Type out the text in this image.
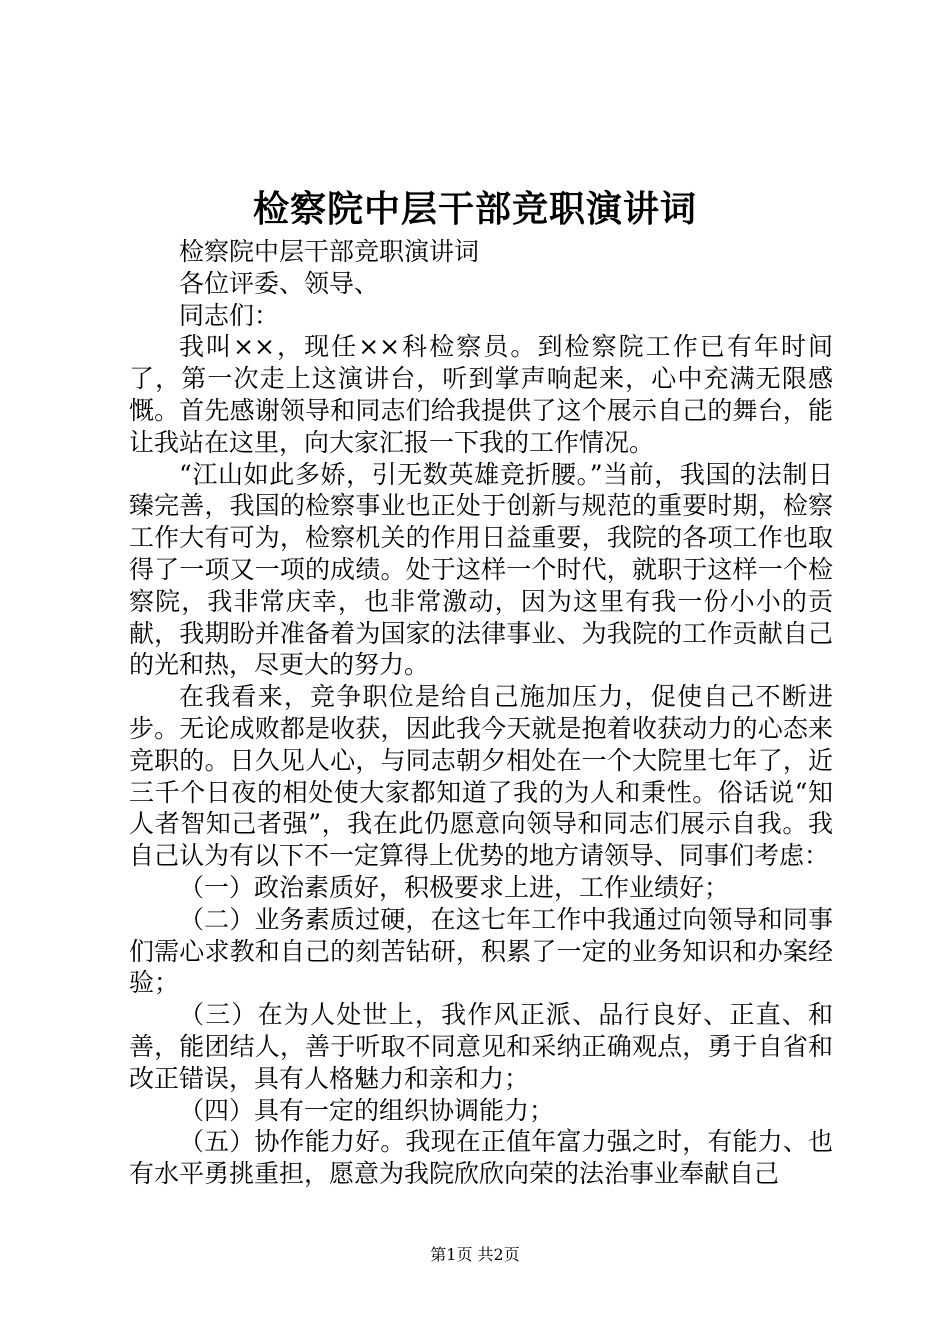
检察院中层干部竞职演讲词

检察院中层干部竞职演讲词

各位评委、领导、

同志们：

我叫××，现任××科检察员。到检察院工作已有年时间了，第一次走上这演讲台，听到掌声响起来，心中充满无限感慨。首先感谢领导和同志们给我提供了这个展示自己的舞台，能让我站在这里，向大家汇报一下我的工作情况。

“江山如此多娇，引无数英雄竞折腰。”当前，我国的法制日臻完善，我国的检察事业也正处于创新与规范的重要时期，检察工作大有可为，检察机关的作用日益重要，我院的各项工作也取得了一项又一项的成绩。处于这样一个时代，就职于这样一个检察院，我非常庆幸，也非常激动，因为这里有我一份小小的贡献，我期盼并准备着为国家的法律事业、为我院的工作贡献自己的光和热，尽更大的努力。

在我看来，竞争职位是给自己施加压力，促使自己不断进步。无论成败都是收获，因此我今天就是抱着收获动力的心态来竞职的。日久见人心，与同志朝夕相处在一个大院里七年了，近三千个日夜的相处使大家都知道了我的为人和秉性。俗话说“知人者智知己者强”，我在此仍愿意向领导和同志们展示自我。我自己认为有以下不一定算得上优势的地方请领导、同事们考虑：

（一）政治素质好，积极要求上进，工作业绩好；

（二）业务素质过硬，在这七年工作中我通过向领导和同事们需心求教和自己的刻苦钻研，积累了一定的业务知识和办案经验；

（三）在为人处世上，我作风正派、品行良好、正直、和善，能团结人，善于听取不同意见和采纳正确观点，勇于自省和改正错误，具有人格魅力和亲和力；

（四）具有一定的组织协调能力；

（五）协作能力好。我现在正值年富力强之时，有能力、也有水平勇挑重担，愿意为我院欣欣向荣的法治事业奉献自己

第1页 共2页
